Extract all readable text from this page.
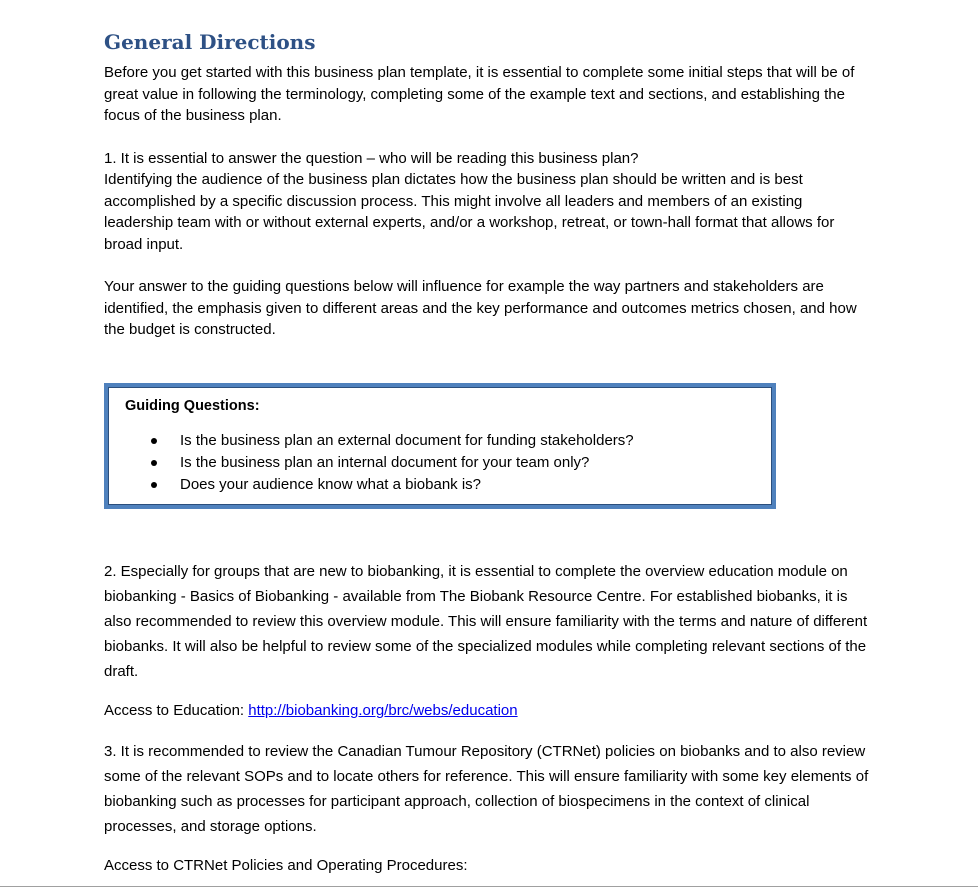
General Directions

Before you get started with this business plan template, it is essential to complete some initial steps that will be of great value in following the terminology, completing some of the example text and sections, and establishing the focus of the business plan.

1. It is essential to answer the question – who will be reading this business plan?

Identifying the audience of the business plan dictates how the business plan should be written and is best accomplished by a specific discussion process. This might involve all leaders and members of an existing leadership team with or without external experts, and/or a workshop, retreat, or town-hall format that allows for broad input.

Your answer to the guiding questions below will influence for example the way partners and stakeholders are identified, the emphasis given to different areas and the key performance and outcomes metrics chosen, and how the budget is constructed.

Guiding Questions:
Is the business plan an external document for funding stakeholders?
Is the business plan an internal document for your team only?
Does your audience know what a biobank is?

2. Especially for groups that are new to biobanking, it is essential to complete the overview education module on biobanking - Basics of Biobanking - available from The Biobank Resource Centre. For established biobanks, it is also recommended to review this overview module. This will ensure familiarity with the terms and nature of different biobanks. It will also be helpful to review some of the specialized modules while completing relevant sections of the draft.

Access to Education: http://biobanking.org/brc/webs/education

3. It is recommended to review the Canadian Tumour Repository (CTRNet) policies on biobanks and to also review some of the relevant SOPs and to locate others for reference. This will ensure familiarity with some key elements of biobanking such as processes for participant approach, collection of biospecimens in the context of clinical processes, and storage options.

Access to CTRNet Policies and Operating Procedures:
